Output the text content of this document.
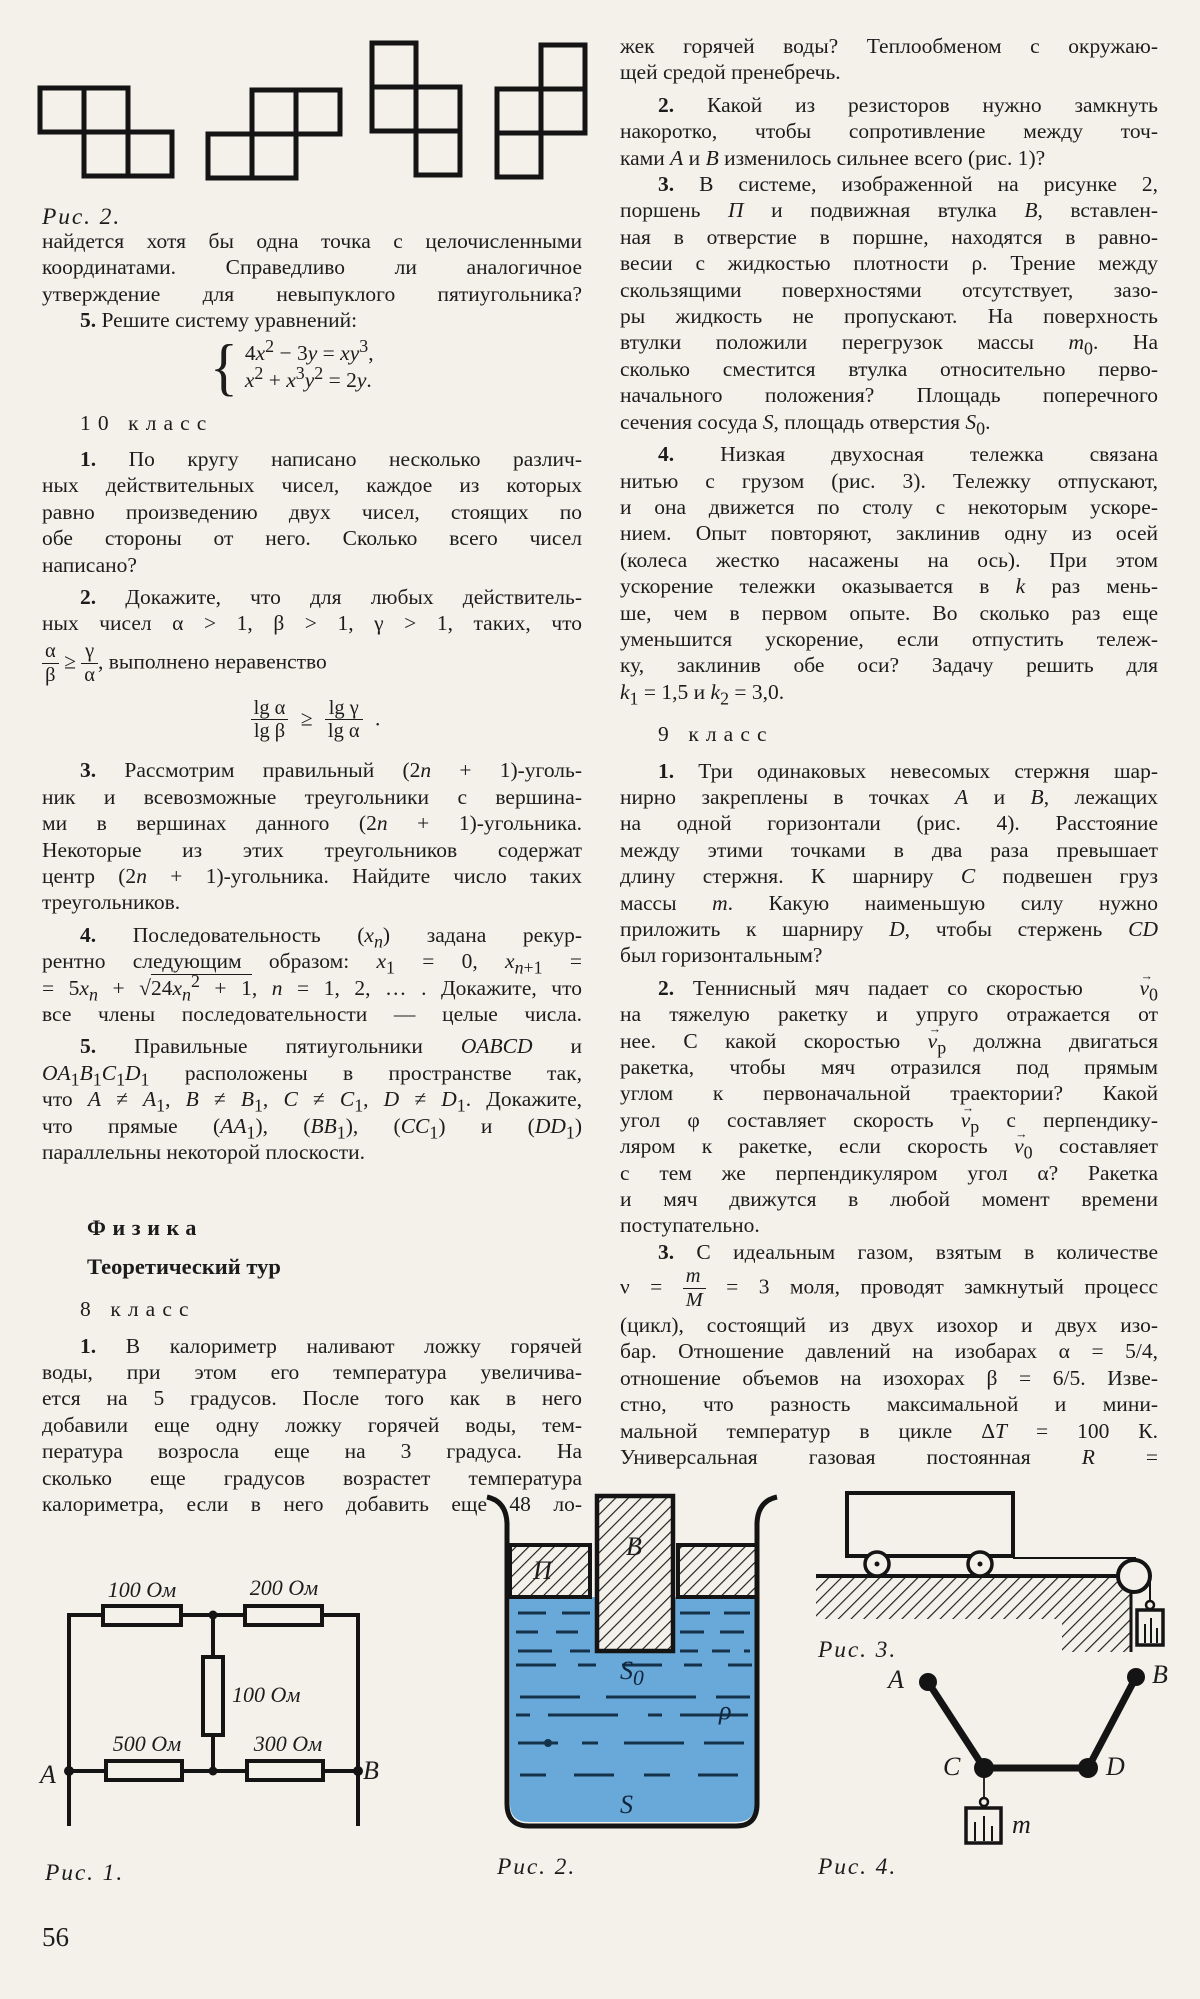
найдется хотя бы одна точка с целочисленными
координатами. Справедливо ли аналогичное
утверждение для невыпуклого пятиугольника?
5. Решите систему уравнений:
{ $4x^2 - 3y = xy^3$,
$x^2 + x^3y^2 = 2y$.
10 класс
1. По кругу написано несколько различ-
ных действительных чисел, каждое из которых
равно произведению двух чисел, стоящих по
обе стороны от него. Сколько всего чисел
написано?
2. Докажите, что для любых действитель-
ных чисел α > 1, β > 1, γ > 1, таких, что
$\frac{\alpha}{\beta} \ge \frac{\gamma}{\alpha}$ , выполнено неравенство
$\frac{\text{lg α}}{\text{lg β}} \ge \frac{\text{lg γ}}{\text{lg α}}$ .
3. Рассмотрим правильный (2n + 1)-уголь-
ник и всевозможные треугольники с вершина-
ми в вершинах данного (2n + 1)-угольника.
Некоторые из этих треугольников содержат
центр (2n + 1)-угольника. Найдите число таких
треугольников.
4. Последовательность $(x_n)$ задана рекур-
рентно следующим образом: $x_1 = 0$, $x_{n+1}$ =
= $5x_n + √24x_n^2 + 1$, n = 1, 2, … . Докажите, что
все члены последовательности — целые числа.
5. Правильные пятиугольники OABCD и
$OA_1B_1C_1D_1$ расположены в пространстве так,
что $A \ne A_1$, $B \ne B_1$, $C \ne C_1$, $D \ne D_1$. Докажите,
что прямые $(AA_1)$, $(BB_1)$, $(CC_1)$ и $(DD_1)$
параллельны некоторой плоскости.
Физика
Теоретический тур
8 класс
1. В калориметр наливают ложку горячей
воды, при этом его температура увеличива-
ется на 5 градусов. После того как в него
добавили еще одну ложку горячей воды, тем-
пература возросла еще на 3 градуса. На
сколько еще градусов возрастет температура
калориметра, если в него добавить еще 48 ло-
жек горячей воды? Теплообменом с окружаю-
щей средой пренебречь.
2. Какой из резисторов нужно замкнуть
накоротко, чтобы сопротивление между точ-
ками A и B изменилось сильнее всего (рис. 1)?
3. В системе, изображенной на рисунке 2,
поршень П и подвижная втулка B, вставлен-
ная в отверстие в поршне, находятся в равно-
весии с жидкостью плотности ρ. Трение между
скользящими поверхностями отсутствует, зазо-
ры жидкость не пропускают. На поверхность
втулки положили перегрузок массы $m_0$. На
сколько сместится втулка относительно перво-
начального положения? Площадь поперечного
сечения сосуда S, площадь отверстия $S_0$.
4. Низкая двухосная тележка связана
нитью с грузом (рис. 3). Тележку отпускают,
и она движется по столу с некоторым ускоре-
нием. Опыт повторяют, заклинив одну из осей
(колеса жестко насажены на ось). При этом
ускорение тележки оказывается в k раз мень-
ше, чем в первом опыте. Во сколько раз еще
уменьшится ускорение, если отпустить тележ-
ку, заклинив обе оси? Задачу решить для
$k_1 = 1,5$ и $k_2 = 3,0$.
9 класс
1. Три одинаковых невесомых стержня шар-
нирно закреплены в точках A и B, лежащих
на одной горизонтали (рис. 4). Расстояние
между этими точками в два раза превышает
длину стержня. К шарниру C подвешен груз
массы m. Какую наименьшую силу нужно
приложить к шарниру D, чтобы стержень CD
был горизонтальным?
2. Теннисный мяч падает со скоростью $v \to_0$
на тяжелую ракетку и упруго отражается от
нее. С какой скоростью $v \to_р$ должна двигаться
ракетка, чтобы мяч отразился под прямым
углом к первоначальной траектории? Какой
угол φ составляет скорость $v \to_р$ с перпендику-
ляром к ракетке, если скорость $v \to_0$ составляет
с тем же перпендикуляром угол α? Ракетка
и мяч движутся в любой момент времени
поступательно.
3. С идеальным газом, взятым в количестве
$\nu = \frac{m}{M} = 3$ моля, проводят замкнутый процесс
(цикл), состоящий из двух изохор и двух изо-
бар. Отношение давлений на изобарах α = 5/4,
отношение объемов на изохорах β = 6/5. Изве-
стно, что разность максимальной и мини-
мальной температур в цикле ΔT = 100 К.
Универсальная газовая постоянная R =
Рис. 2.
100 Ом	200 Ом
100 Ом
500 Ом	300 Ом
A	B
Рис. 1.
П
B
$S_0$
ρ
S
Рис. 2.
Рис. 3.
A	B
C	D
m
Рис. 4.
56
